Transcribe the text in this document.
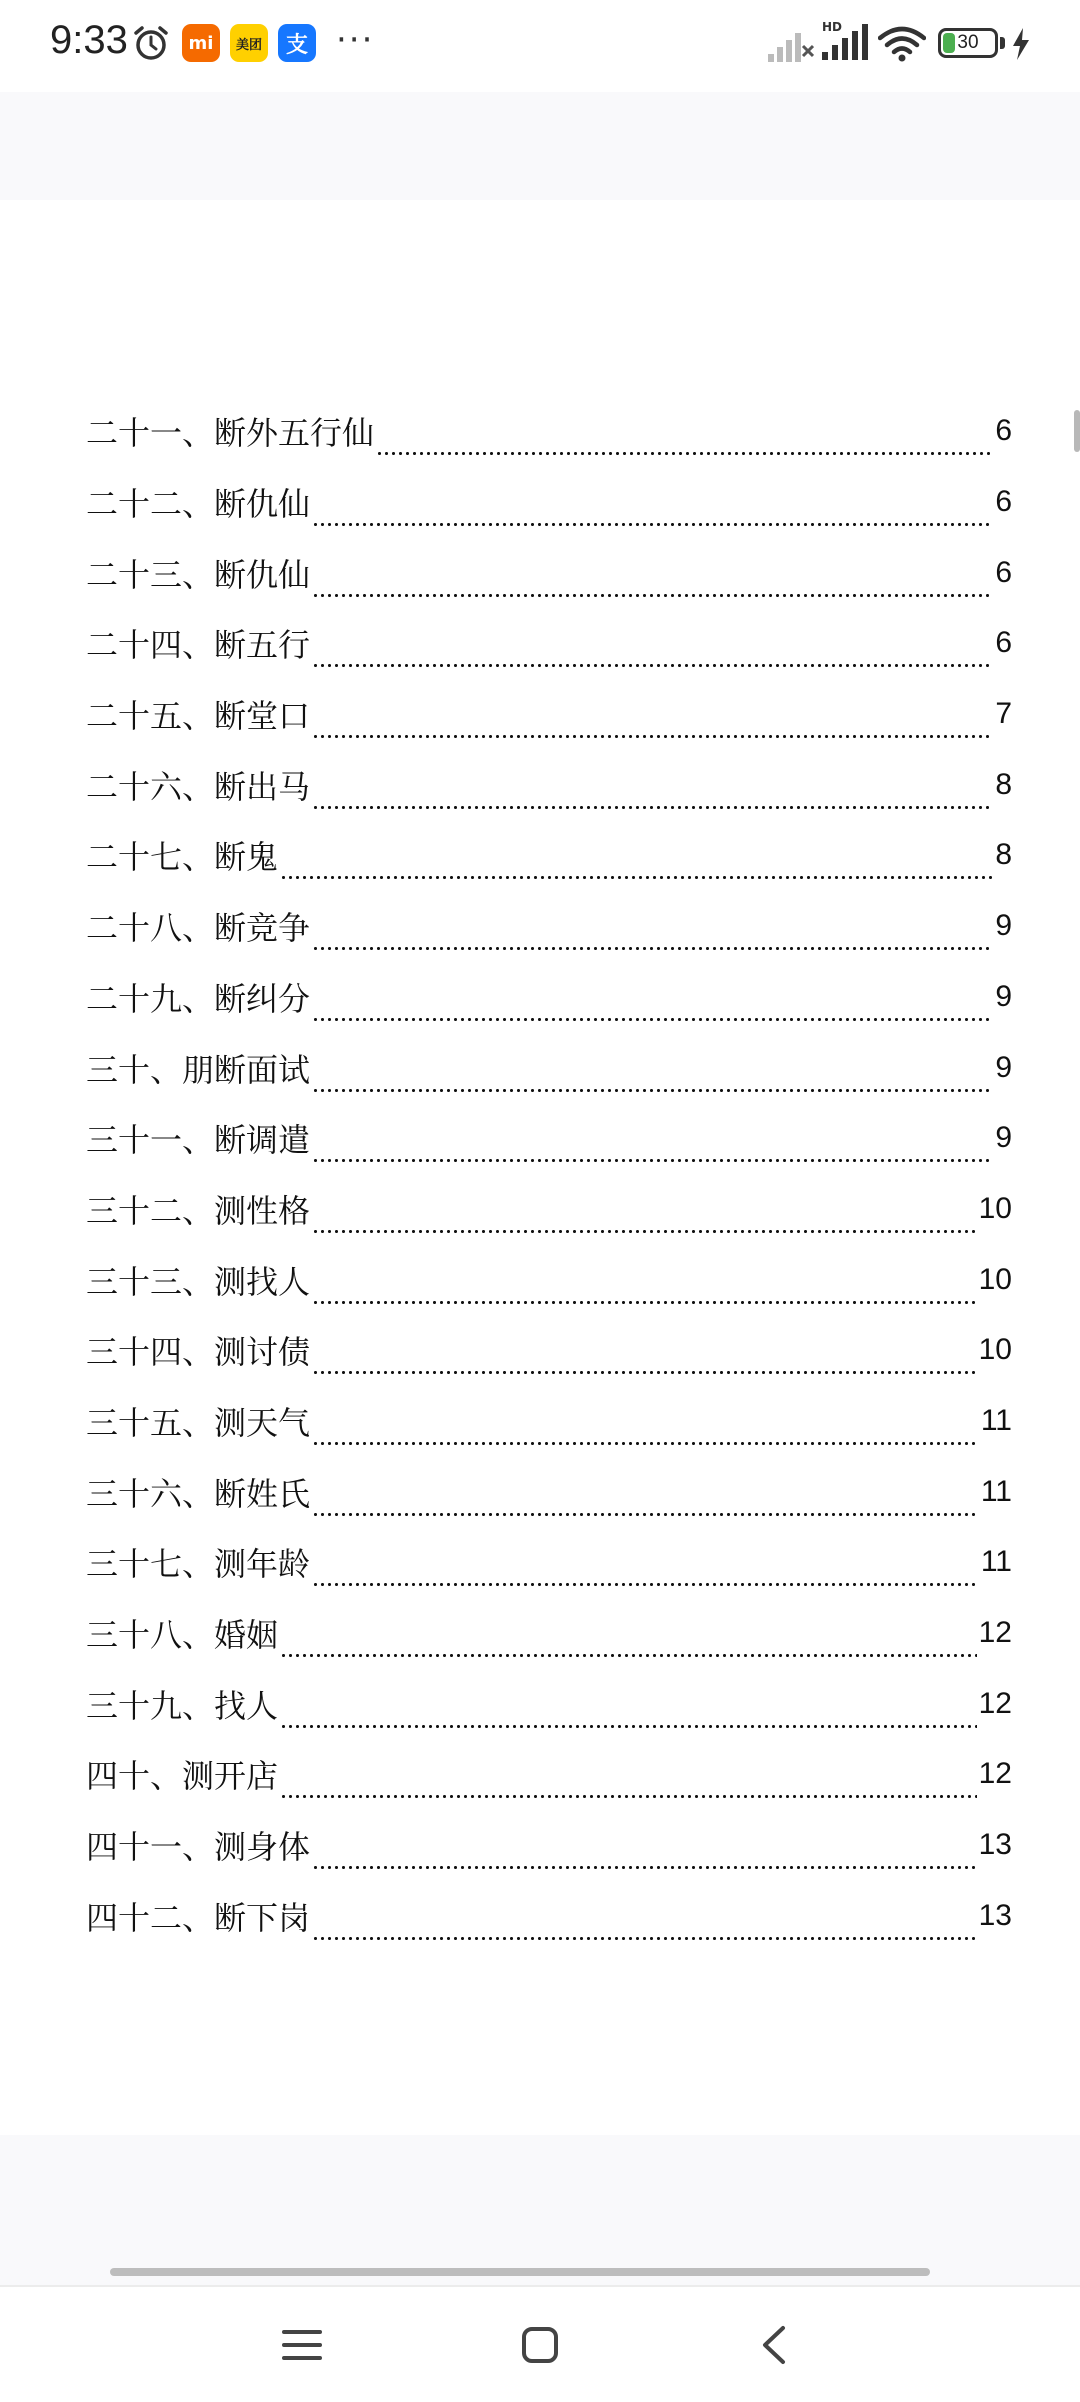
9:33	mi	美团	支 ···	HD
30
二十一、断外五行仙	6
二十二、断仇仙	6
二十三、断仇仙	6
二十四、断五行	6
二十五、断堂口	7
二十六、断出马	8
二十七、断鬼	8
二十八、断竞争	9
二十九、断纠分	9
三十、朋断面试	9
三十一、断调遣	9
三十二、测性格	10
三十三、测找人	10
三十四、测讨债	10
三十五、测天气	11
三十六、断姓氏	11
三十七、测年龄	11
三十八、婚姻	12
三十九、找人	12
四十、测开店	12
四十一、测身体	13
四十二、断下岗	13
